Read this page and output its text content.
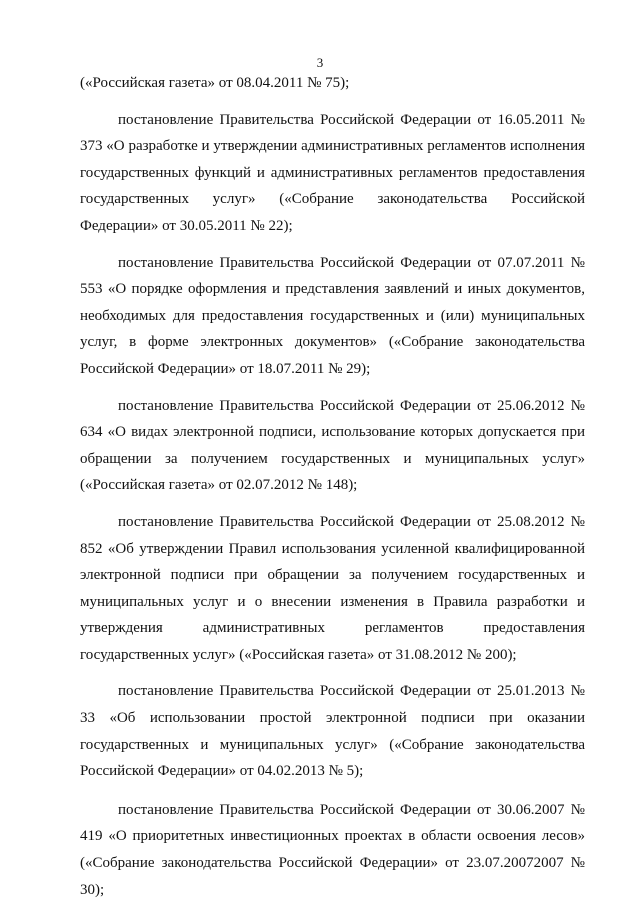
3

(«Российская газета» от 08.04.2011 № 75);

постановление Правительства Российской Федерации от 16.05.2011 № 373 «О разработке и утверждении административных регламентов исполнения государственных функций и административных регламентов предоставления государственных услуг» («Собрание законодательства Российской Федерации» от 30.05.2011 № 22);

постановление Правительства Российской Федерации от 07.07.2011 № 553 «О порядке оформления и представления заявлений и иных документов, необходимых для предоставления государственных и (или) муниципальных услуг, в форме электронных документов» («Собрание законодательства Российской Федерации» от 18.07.2011 № 29);

постановление Правительства Российской Федерации от 25.06.2012 № 634 «О видах электронной подписи, использование которых допускается при обращении за получением государственных и муниципальных услуг» («Российская газета» от 02.07.2012 № 148);

постановление Правительства Российской Федерации от 25.08.2012 № 852 «Об утверждении Правил использования усиленной квалифицированной электронной подписи при обращении за получением государственных и муниципальных услуг и о внесении изменения в Правила разработки и утверждения административных регламентов предоставления государственных услуг» («Российская газета» от 31.08.2012 № 200);

постановление Правительства Российской Федерации от 25.01.2013 № 33 «Об использовании простой электронной подписи при оказании государственных и муниципальных услуг» («Собрание законодательства Российской Федерации» от 04.02.2013 № 5);

постановление Правительства Российской Федерации от 30.06.2007 № 419 «О приоритетных инвестиционных проектах в области освоения лесов» («Собрание законодательства Российской Федерации» от 23.07.20072007 № 30);
